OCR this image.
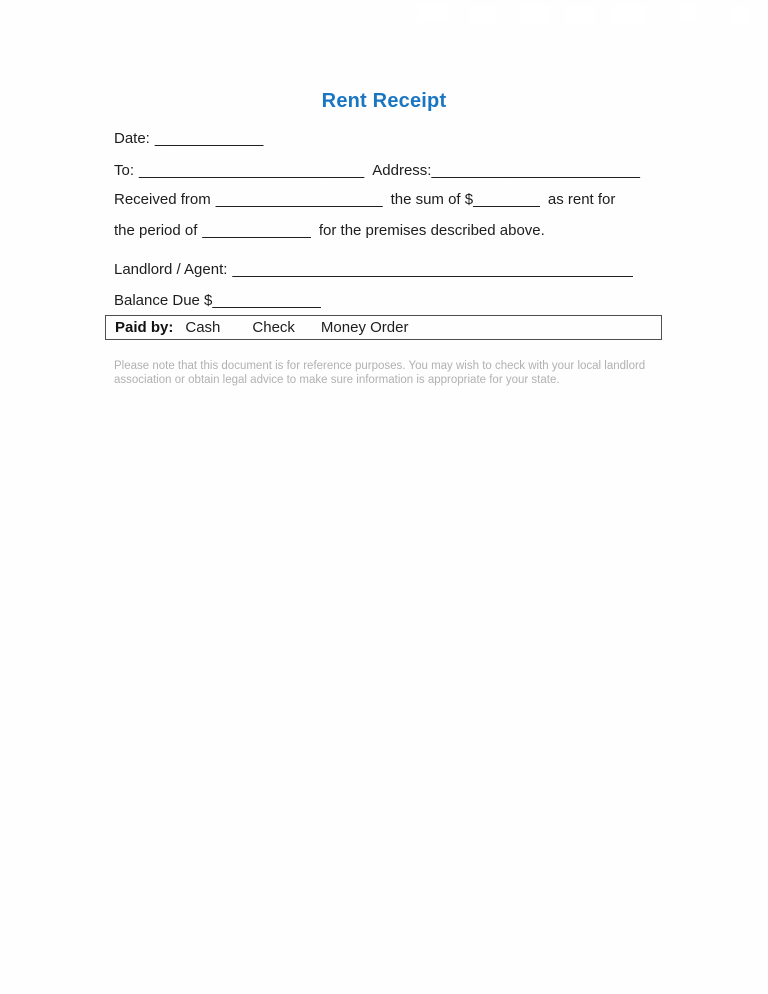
Rent Receipt
Date: _____________
To: ___________________________ Address:_________________________
Received from ____________________ the sum of $________ as rent for
the period of _____________ for the premises described above.
Landlord / Agent: ________________________________________________
Balance Due $_____________
Paid by: Cash Check Money Order
Please note that this document is for reference purposes. You may wish to check with your local landlord association or obtain legal advice to make sure information is appropriate for your state.
